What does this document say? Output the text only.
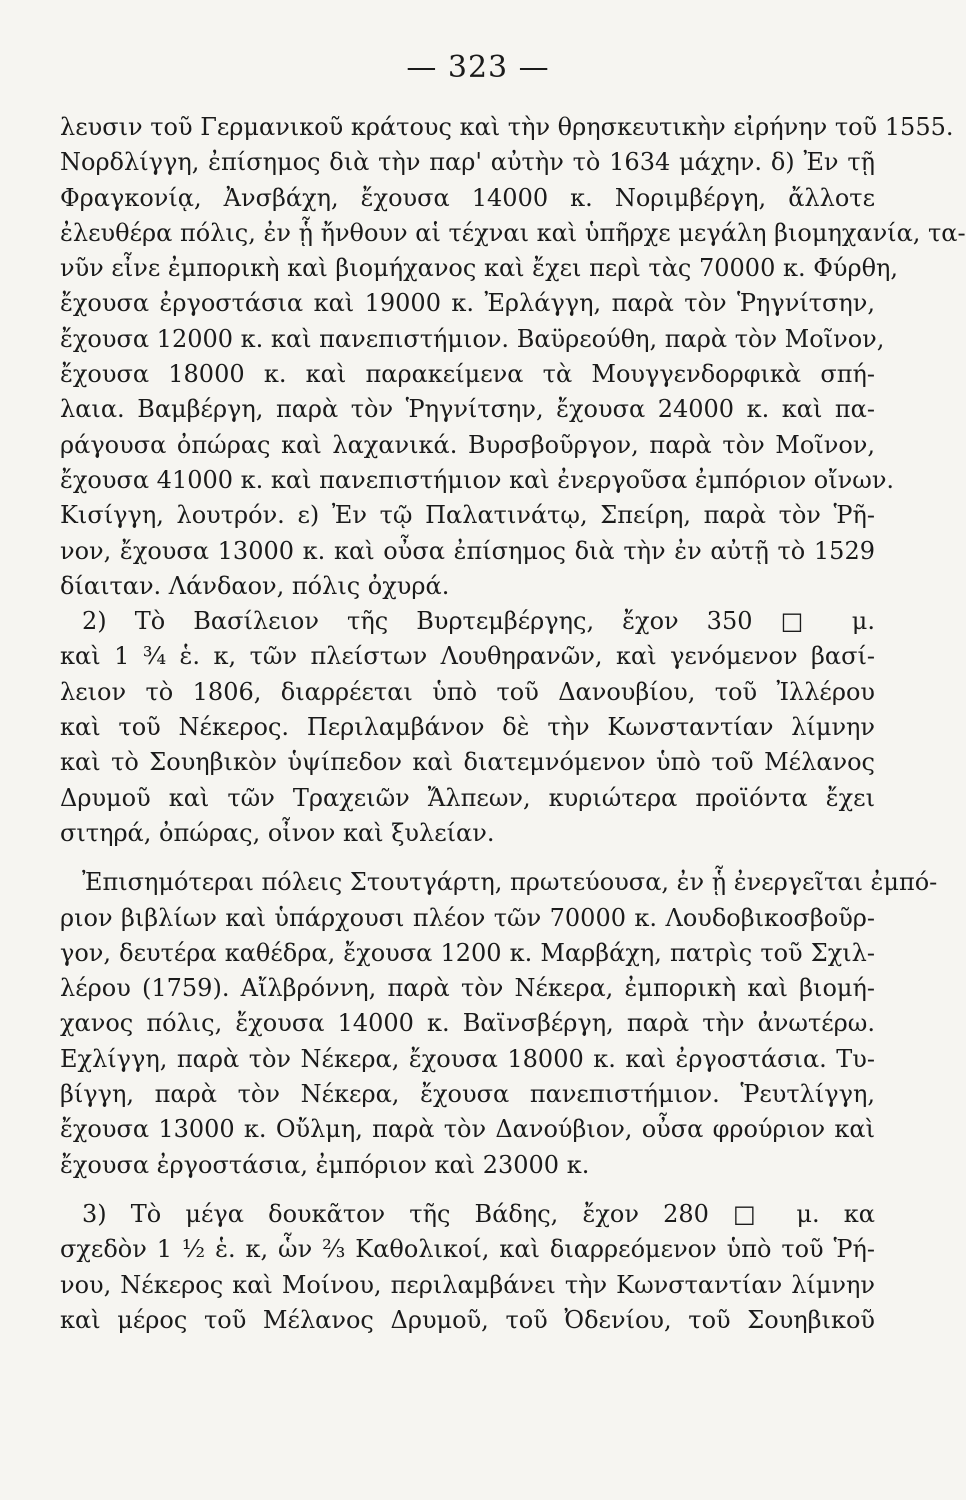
— 323 —
λευσιν τοῦ Γερμανικοῦ κράτους καὶ τὴν θρησκευτικὴν εἰρήνην τοῦ 1555.
Νορδλίγγη, ἐπίσημος διὰ τὴν παρ' αὐτὴν τὸ 1634 μάχην. δ) Ἐν τῇ
Φραγκονίᾳ, Ἀνσβάχη, ἔχουσα 14000 κ. Νοριμβέργη, ἄλλοτε
ἐλευθέρα πόλις, ἐν ᾗ ἤνθουν αἱ τέχναι καὶ ὑπῆρχε μεγάλη βιομηχανία, τα-
νῦν εἶνε ἐμπορικὴ καὶ βιομήχανος καὶ ἔχει περὶ τὰς 70000 κ. Φύρθη,
ἔχουσα ἐργοστάσια καὶ 19000 κ. Ἐρλάγγη, παρὰ τὸν Ῥηγνίτσην,
ἔχουσα 12000 κ. καὶ πανεπιστήμιον. Βαϋρεούθη, παρὰ τὸν Μοῖνον,
ἔχουσα 18000 κ. καὶ παρακείμενα τὰ Μουγγενδορφικὰ σπή-
λαια. Βαμβέργη, παρὰ τὸν Ῥηγνίτσην, ἔχουσα 24000 κ. καὶ πα-
ράγουσα ὀπώρας καὶ λαχανικά. Βυρσβοῦργον, παρὰ τὸν Μοῖνον,
ἔχουσα 41000 κ. καὶ πανεπιστήμιον καὶ ἐνεργοῦσα ἐμπόριον οἴνων.
Κισίγγη, λουτρόν. ε) Ἐν τῷ Παλατινάτῳ, Σπείρη, παρὰ τὸν Ῥῆ-
νον, ἔχουσα 13000 κ. καὶ οὖσα ἐπίσημος διὰ τὴν ἐν αὐτῇ τὸ 1529
δίαιταν. Λάνδαον, πόλις ὀχυρά.
2) Τὸ Βασίλειον τῆς Βυρτεμβέργης, ἔχον 350 □ μ.
καὶ 1 ¾ ἑ. κ, τῶν πλείστων Λουθηρανῶν, καὶ γενόμενον βασί-
λειον τὸ 1806, διαρρέεται ὑπὸ τοῦ Δανουβίου, τοῦ Ἰλλέρου
καὶ τοῦ Νέκερος. Περιλαμβάνον δὲ τὴν Κωνσταντίαν λίμνην
καὶ τὸ Σουηβικὸν ὑψίπεδον καὶ διατεμνόμενον ὑπὸ τοῦ Μέλανος
Δρυμοῦ καὶ τῶν Τραχειῶν Ἄλπεων, κυριώτερα προϊόντα ἔχει
σιτηρά, ὀπώρας, οἶνον καὶ ξυλείαν.
Ἐπισημότεραι πόλεις Στουτγάρτη, πρωτεύουσα, ἐν ᾗ ἐνεργεῖται ἐμπό-
ριον βιβλίων καὶ ὑπάρχουσι πλέον τῶν 70000 κ. Λουδοβικοσβοῦρ-
γον, δευτέρα καθέδρα, ἔχουσα 1200 κ. Μαρβάχη, πατρὶς τοῦ Σχιλ-
λέρου (1759). Αἴλβρόννη, παρὰ τὸν Νέκερα, ἐμπορικὴ καὶ βιομή-
χανος πόλις, ἔχουσα 14000 κ. Βαϊνσβέργη, παρὰ τὴν ἀνωτέρω.
Εχλίγγη, παρὰ τὸν Νέκερα, ἔχουσα 18000 κ. καὶ ἐργοστάσια. Τυ-
βίγγη, παρὰ τὸν Νέκερα, ἔχουσα πανεπιστήμιον. Ῥευτλίγγη,
ἔχουσα 13000 κ. Οὔλμη, παρὰ τὸν Δανούβιον, οὖσα φρούριον καὶ
ἔχουσα ἐργοστάσια, ἐμπόριον καὶ 23000 κ.
3) Τὸ μέγα δουκᾶτον τῆς Βάδης, ἔχον 280 □ μ. κα
σχεδὸν 1 ½ ἑ. κ, ὧν ⅔ Καθολικοί, καὶ διαρρεόμενον ὑπὸ τοῦ Ῥή-
νου, Νέκερος καὶ Μοίνου, περιλαμβάνει τὴν Κωνσταντίαν λίμνην
καὶ μέρος τοῦ Μέλανος Δρυμοῦ, τοῦ Ὀδενίου, τοῦ Σουηβικοῦ
